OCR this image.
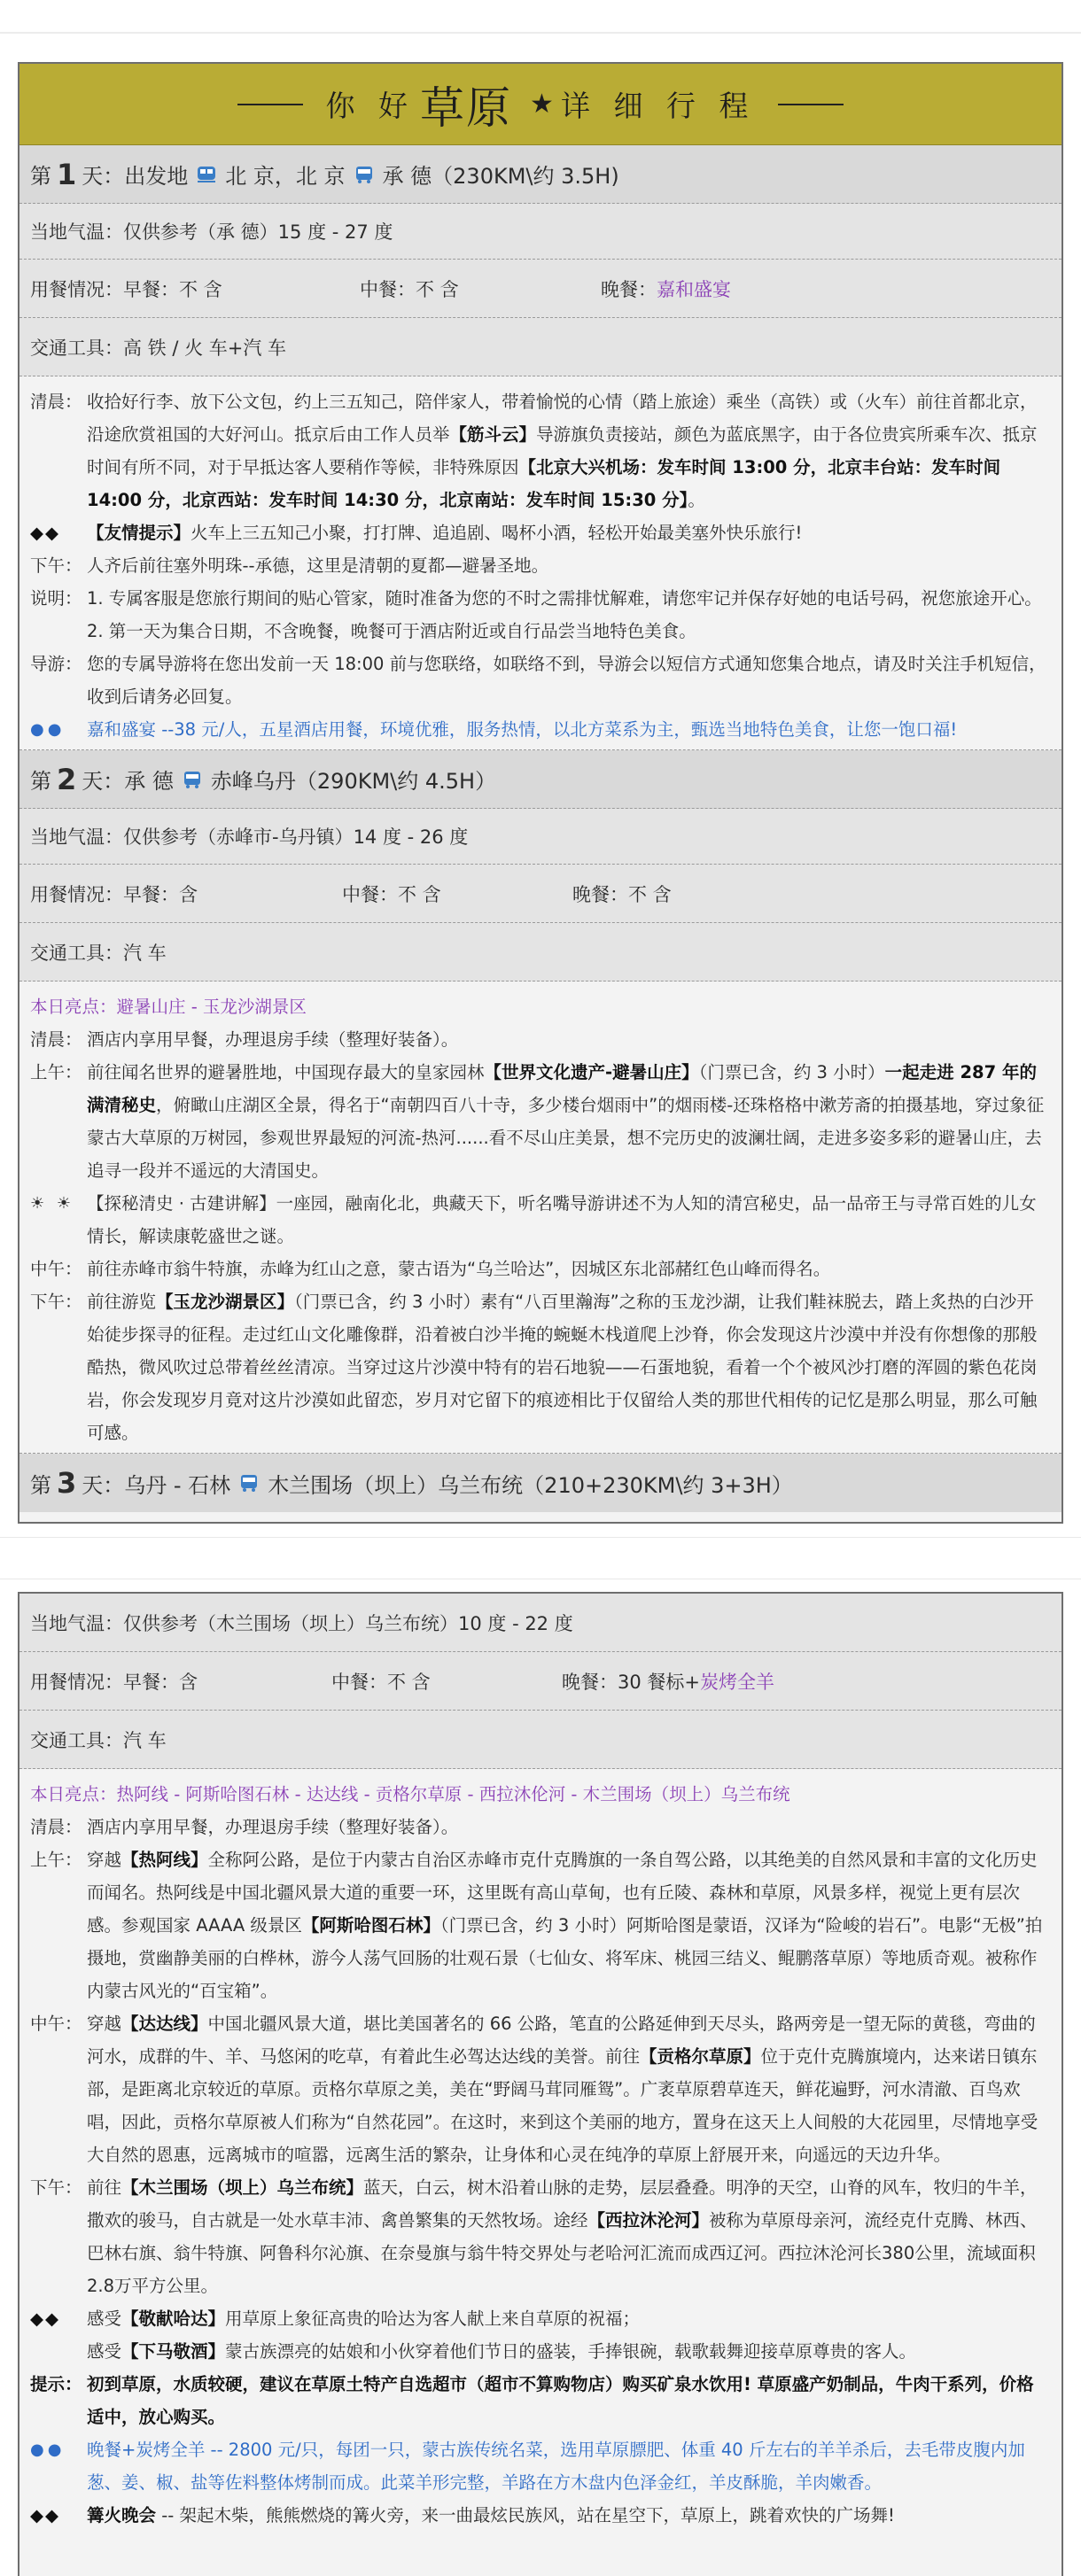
你 好 草原 ★ 详 细 行 程
第 1 天：出发地 北 京，北 京 承 德（230KM\约 3.5H)
当地气温：仅供参考（承 德）15 度 - 27 度
用餐情况：早餐：不 含	中餐：不 含	晚餐：嘉和盛宴
交通工具：高 铁 / 火 车+汽 车
清晨： 收拾好行李、放下公文包，约上三五知己，陪伴家人，带着愉悦的心情（踏上旅途）乘坐（高铁）或（火车）前往首都北京，沿途欣赏祖国的大好河山。抵京后由工作人员举【筋斗云】导游旗负责接站，颜色为蓝底黑字，由于各位贵宾所乘车次、抵京时间有所不同，对于早抵达客人要稍作等候，非特殊原因【北京大兴机场：发车时间 13:00 分，北京丰台站：发车时间 14:00 分，北京西站：发车时间 14:30 分，北京南站：发车时间 15:30 分】。
◆◆	【友情提示】火车上三五知己小聚，打打牌、追追剧、喝杯小酒，轻松开始最美塞外快乐旅行!
下午： 人齐后前往塞外明珠--承德，这里是清朝的夏都—避暑圣地。
说明： 1. 专属客服是您旅行期间的贴心管家，随时准备为您的不时之需排忧解难，请您牢记并保存好她的电话号码，祝您旅途开心。2. 第一天为集合日期，不含晚餐，晚餐可于酒店附近或自行品尝当地特色美食。
导游： 您的专属导游将在您出发前一天 18:00 前与您联络，如联络不到，导游会以短信方式通知您集合地点，请及时关注手机短信，收到后请务必回复。
●●	嘉和盛宴 --38 元/人，五星酒店用餐，环境优雅，服务热情，以北方菜系为主，甄选当地特色美食，让您一饱口福!
第 2 天：承 德 赤峰乌丹（290KM\约 4.5H）
当地气温：仅供参考（赤峰市-乌丹镇）14 度 - 26 度
用餐情况：早餐：含	中餐：不 含	晚餐：不 含
交通工具：汽 车
本日亮点：避暑山庄 - 玉龙沙湖景区
清晨： 酒店内享用早餐，办理退房手续（整理好装备）。
上午： 前往闻名世界的避暑胜地，中国现存最大的皇家园林【世界文化遗产-避暑山庄】（门票已含，约 3 小时）一起走进 287 年的满清秘史，俯瞰山庄湖区全景，得名于“南朝四百八十寺，多少楼台烟雨中”的烟雨楼-还珠格格中漱芳斋的拍摄基地，穿过象征蒙古大草原的万树园，参观世界最短的河流-热河......看不尽山庄美景，想不完历史的波澜壮阔，走进多姿多彩的避暑山庄，去追寻一段并不遥远的大清国史。
☀ ☀ 【探秘清史 · 古建讲解】一座园，融南化北，典藏天下，听名嘴导游讲述不为人知的清宫秘史，品一品帝王与寻常百姓的儿女情长，解读康乾盛世之谜。
中午： 前往赤峰市翁牛特旗，赤峰为红山之意，蒙古语为“乌兰哈达”，因城区东北部赭红色山峰而得名。
下午： 前往游览【玉龙沙湖景区】（门票已含，约 3 小时）素有“八百里瀚海”之称的玉龙沙湖，让我们鞋袜脱去，踏上炙热的白沙开始徒步探寻的征程。走过红山文化雕像群，沿着被白沙半掩的蜿蜒木栈道爬上沙脊，你会发现这片沙漠中并没有你想像的那般酷热，微风吹过总带着丝丝清凉。当穿过这片沙漠中特有的岩石地貌——石蛋地貌，看着一个个被风沙打磨的浑圆的紫色花岗岩，你会发现岁月竟对这片沙漠如此留恋，岁月对它留下的痕迹相比于仅留给人类的那世代相传的记忆是那么明显，那么可触可感。
第 3 天：乌丹 - 石林 木兰围场（坝上）乌兰布统（210+230KM\约 3+3H）
当地气温：仅供参考（木兰围场（坝上）乌兰布统）10 度 - 22 度
用餐情况：早餐：含	中餐：不 含	晚餐：30 餐标+炭烤全羊
交通工具：汽 车
本日亮点：热阿线 - 阿斯哈图石林 - 达达线 - 贡格尔草原 - 西拉沐伦河 - 木兰围场（坝上）乌兰布统
清晨： 酒店内享用早餐，办理退房手续（整理好装备）。
上午： 穿越【热阿线】全称阿公路，是位于内蒙古自治区赤峰市克什克腾旗的一条自驾公路，以其绝美的自然风景和丰富的文化历史而闻名。热阿线是中国北疆风景大道的重要一环，这里既有高山草甸，也有丘陵、森林和草原，风景多样，视觉上更有层次感。参观国家 AAAA 级景区【阿斯哈图石林】（门票已含，约 3 小时）阿斯哈图是蒙语，汉译为“险峻的岩石”。电影“无极”拍摄地，赏幽静美丽的白桦林，游今人荡气回肠的壮观石景（七仙女、将军床、桃园三结义、鲲鹏落草原）等地质奇观。被称作内蒙古风光的“百宝箱”。
中午： 穿越【达达线】中国北疆风景大道，堪比美国著名的 66 公路，笔直的公路延伸到天尽头，路两旁是一望无际的黄毯，弯曲的河水，成群的牛、羊、马悠闲的吃草，有着此生必驾达达线的美誉。前往【贡格尔草原】位于克什克腾旗境内，达来诺日镇东部，是距离北京较近的草原。贡格尔草原之美，美在“野阔马茸同雁鸳”。广袤草原碧草连天，鲜花遍野，河水清澈、百鸟欢唱，因此，贡格尔草原被人们称为“自然花园”。在这时，来到这个美丽的地方，置身在这天上人间般的大花园里，尽情地享受大自然的恩惠，远离城市的喧嚣，远离生活的繁杂，让身体和心灵在纯净的草原上舒展开来，向遥远的天边升华。
下午： 前往【木兰围场（坝上）乌兰布统】蓝天，白云，树木沿着山脉的走势，层层叠叠。明净的天空，山脊的风车，牧归的牛羊，撒欢的骏马，自古就是一处水草丰沛、禽兽繁集的天然牧场。途经【西拉沐沦河】被称为草原母亲河，流经克什克腾、林西、巴林右旗、翁牛特旗、阿鲁科尔沁旗、在奈曼旗与翁牛特交界处与老哈河汇流而成西辽河。西拉沐沦河长380公里，流域面积2.8万平方公里。
◆◆	感受【敬献哈达】用草原上象征高贵的哈达为客人献上来自草原的祝福；
感受【下马敬酒】蒙古族漂亮的姑娘和小伙穿着他们节日的盛装，手捧银碗，载歌载舞迎接草原尊贵的客人。
提示： 初到草原，水质较硬，建议在草原土特产自选超市（超市不算购物店）购买矿泉水饮用! 草原盛产奶制品，牛肉干系列，价格适中，放心购买。
●●	晚餐+炭烤全羊 -- 2800 元/只，每团一只，蒙古族传统名菜，选用草原膘肥、体重 40 斤左右的羊羊杀后，去毛带皮腹内加葱、姜、椒、盐等佐料整体烤制而成。此菜羊形完整，羊路在方木盘内色泽金红，羊皮酥脆，羊肉嫩香。
◆◆	篝火晚会 -- 架起木柴，熊熊燃烧的篝火旁，来一曲最炫民族风，站在星空下，草原上，跳着欢快的广场舞!
